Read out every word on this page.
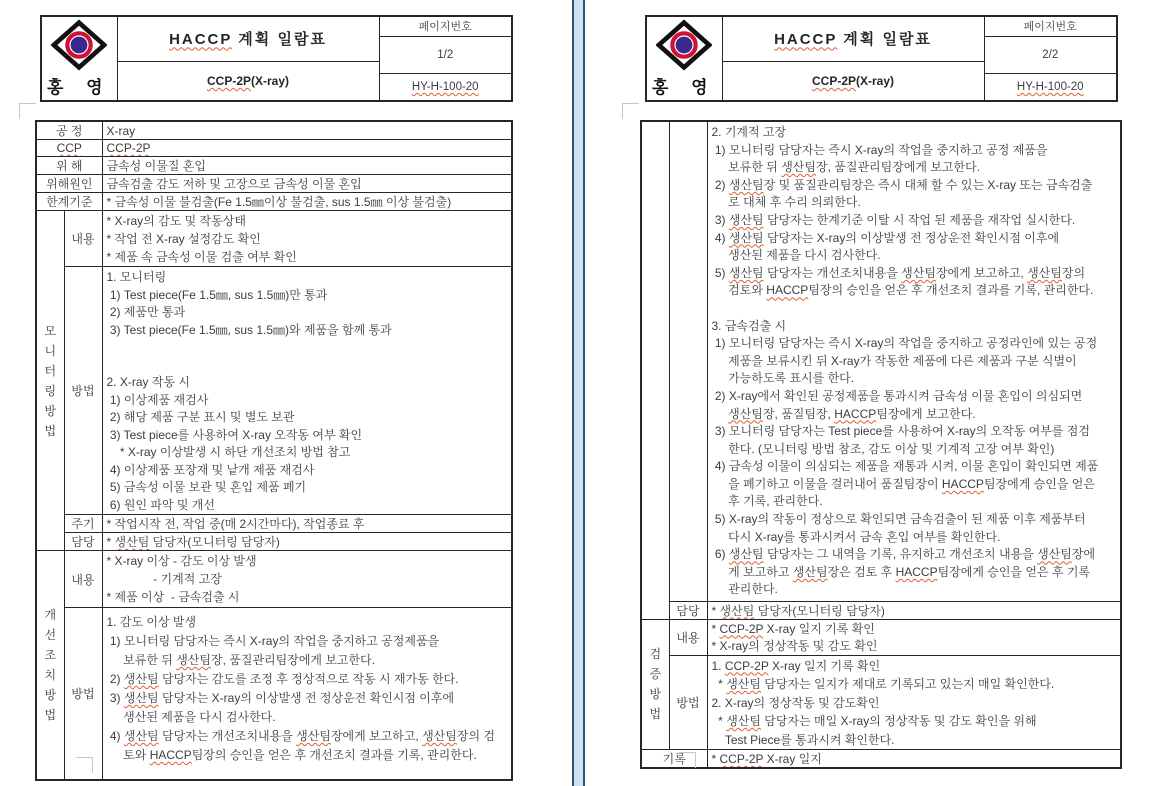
홍 영
	HACCP 계획 일람표	페이지번호
1/2
CCP-2P(X-ray)
HY-H-100-20
공 정		X-ray
CCP		CCP-2P
위 해		금속성 이물질 혼입
위해원인		금속검출 감도 저하 및 고장으로 금속성 이물 혼입
한계기준		* 금속성 이물 불검출(Fe 1.5㎜이상 불검출, sus 1.5㎜ 이상 불검출)
모
니
터
링
방
법	내용	* X-ray의 감도 및 작동상태
* 작업 전 X-ray 설정감도 확인
* 제품 속 금속성 이물 검출 여부 확인
방법	1. 모니터링
1) Test piece(Fe 1.5㎜, sus 1.5㎜)만 통과
2) 제품만 통과
3) Test piece(Fe 1.5㎜, sus 1.5㎜)와 제품을 함께 통과

2. X-ray 작동 시
1) 이상제품 재검사
2) 해당 제품 구분 표시 및 별도 보관
3) Test piece를 사용하여 X-ray 오작동 여부 확인
* X-ray 이상발생 시 하단 개선조치 방법 참고
4) 이상제품 포장재 및 낱개 제품 재검사
5) 금속성 이물 보관 및 혼입 제품 폐기
6) 원인 파악 및 개선
	주기	* 작업시작 전, 작업 중(매 2시간마다), 작업종료 후
	담당	* 생산팀 담당자(모니터링 담당자)
개
선
조
치
방
법	내용	* X-ray 이상 - 감도 이상 발생
- 기계적 고장
* 제품 이상  - 금속검출 시
방법	1. 감도 이상 발생
1) 모니터링 담당자는 즉시 X-ray의 작업을 중지하고 공정제품을
보류한 뒤 생산팀장, 품질관리팀장에게 보고한다.
2) 생산팀 담당자는 감도를 조정 후 정상적으로 작동 시 재가동 한다.
3) 생산팀 담당자는 X-ray의 이상발생 전 정상운전 확인시점 이후에
생산된 제품을 다시 검사한다.
4) 생산팀 담당자는 개선조치내용을 생산팀장에게 보고하고, 생산팀장의 검
토와 HACCP팀장의 승인을 얻은 후 개선조치 결과를 기록, 관리한다.
홍 영
	HACCP 계획 일람표	페이지번호
2/2
CCP-2P(X-ray)
HY-H-100-20
		2. 기계적 고장
1) 모니터링 담당자는 즉시 X-ray의 작업을 중지하고 공정 제품을
보류한 뒤 생산팀장, 품질관리팀장에게 보고한다.
2) 생산팀장 및 품질관리팀장은 즉시 대체 할 수 있는 X-ray 또는 금속검출
로 대체 후 수리 의뢰한다.
3) 생산팀 담당자는 한계기준 이탈 시 작업 된 제품을 재작업 실시한다.
4) 생산팀 담당자는 X-ray의 이상발생 전 정상운전 확인시점 이후에
생산된 제품을 다시 검사한다.
5) 생산팀 담당자는 개선조치내용을 생산팀장에게 보고하고, 생산팀장의
검토와 HACCP팀장의 승인을 얻은 후 개선조치 결과를 기록, 관리한다.

3. 금속검출 시
1) 모니터링 담당자는 즉시 X-ray의 작업을 중지하고 공정라인에 있는 공정
제품을 보류시킨 뒤 X-ray가 작동한 제품에 다른 제품과 구분 식별이
가능하도록 표시를 한다.
2) X-ray에서 확인된 공정제품을 통과시켜 금속성 이물 혼입이 의심되면
생산팀장, 품질팀장, HACCP팀장에게 보고한다.
3) 모니터링 담당자는 Test piece를 사용하여 X-ray의 오작동 여부를 점검
한다. (모니터링 방법 참조, 감도 이상 및 기계적 고장 여부 확인)
4) 금속성 이물이 의심되는 제품을 재통과 시켜, 이물 혼입이 확인되면 제품
을 폐기하고 이물을 걸러내어 품질팀장이 HACCP팀장에게 승인을 얻은
후 기록, 관리한다.
5) X-ray의 작동이 정상으로 확인되면 금속검출이 된 제품 이후 제품부터
다시 X-ray를 통과시켜서 금속 혼입 여부를 확인한다.
6) 생산팀 담당자는 그 내역을 기록, 유지하고 개선조치 내용을 생산팀장에
게 보고하고 생산팀장은 검토 후 HACCP팀장에게 승인을 얻은 후 기록
관리한다.
	담당	* 생산팀 담당자(모니터링 담당자)
검증
방법	내용	* CCP-2P X-ray 일지 기록 확인
* X-ray의 정상작동 및 감도 확인
	방법	1. CCP-2P X-ray 일지 기록 확인
* 생산팀 담당자는 일지가 제대로 기록되고 있는지 매일 확인한다.
2. X-ray의 정상작동 및 감도확인
* 생산팀 담당자는 매일 X-ray의 정상작동 및 감도 확인을 위해
Test Piece를 통과시켜 확인한다.
기록		* CCP-2P X-ray 일지
